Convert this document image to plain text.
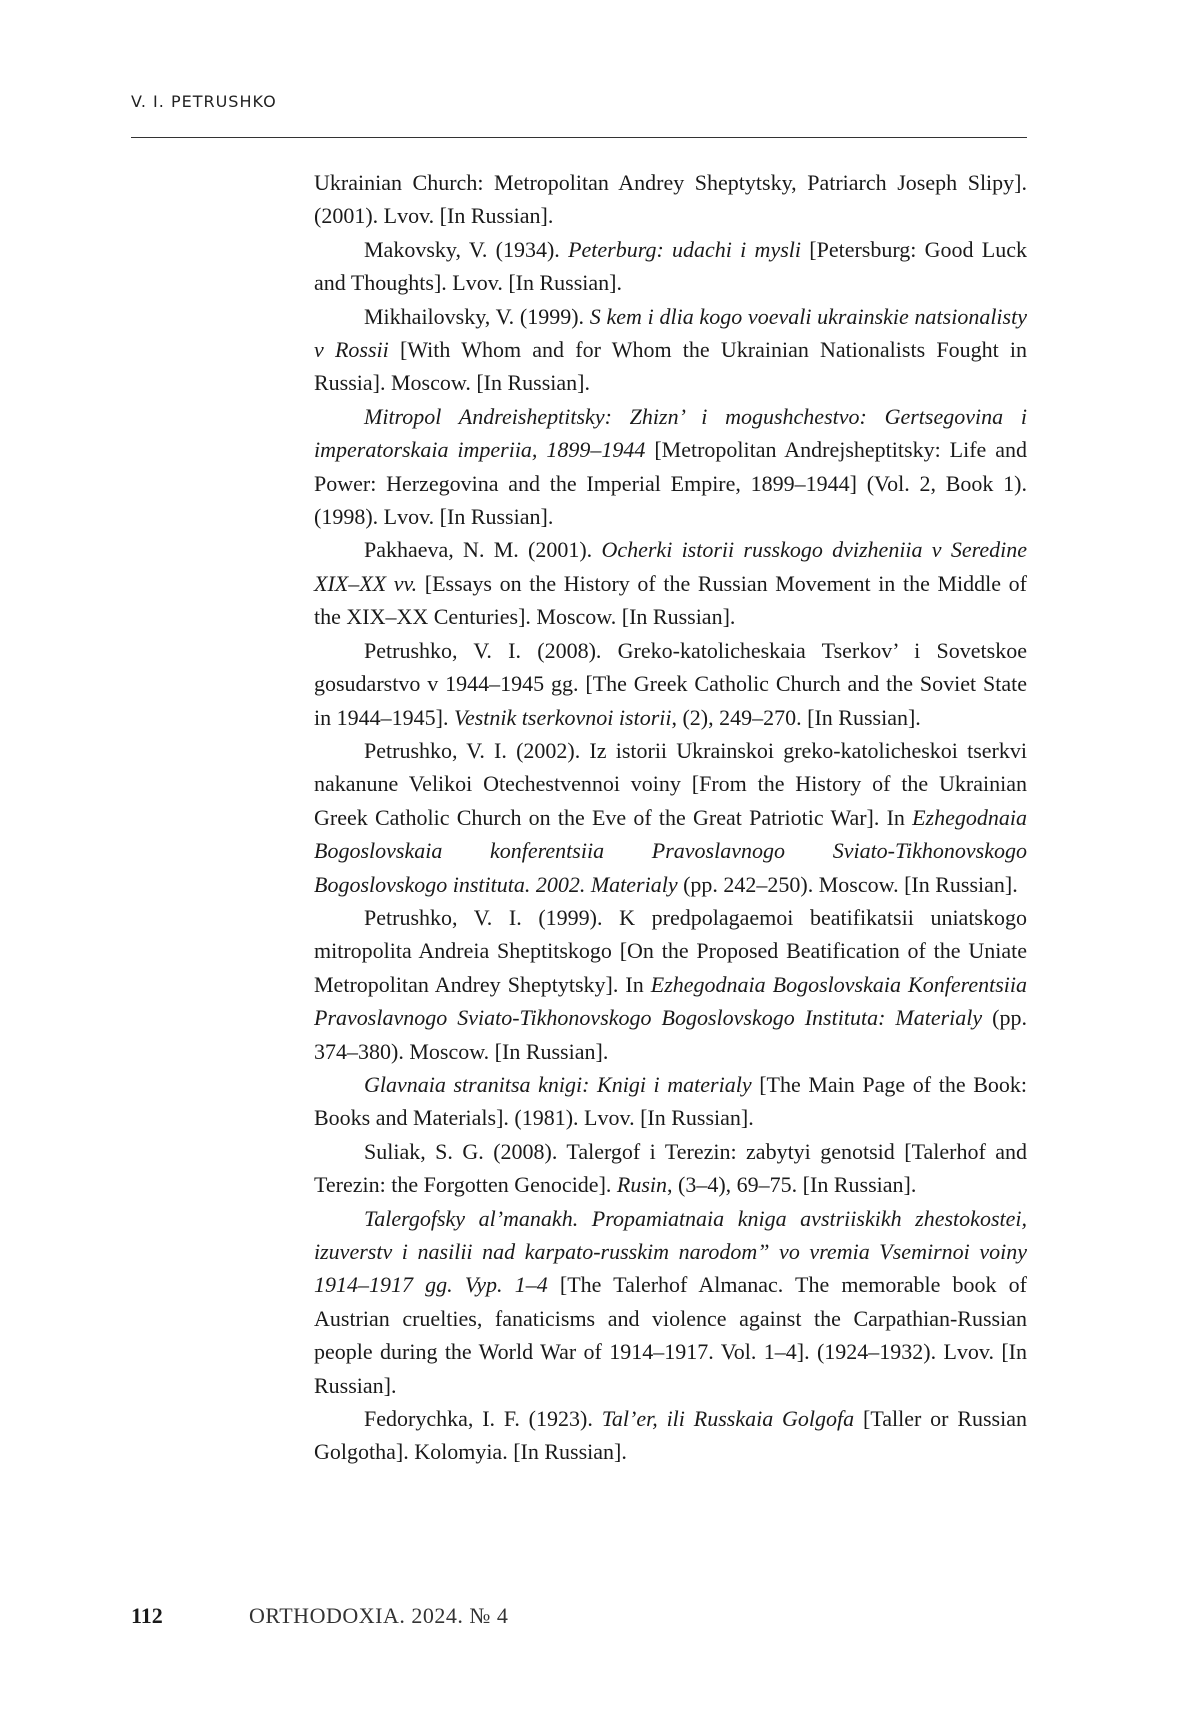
V. I. PETRUSHKO

Ukrainian Church: Metropolitan Andrey Sheptytsky, Patriarch Joseph Slipy]. (2001). Lvov. [In Russian].

Makovsky, V. (1934). Peterburg: udachi i mysli [Petersburg: Good Luck and Thoughts]. Lvov. [In Russian].

Mikhailovsky, V. (1999). S kem i dlia kogo voevali ukrainskie natsionalisty v Rossii [With Whom and for Whom the Ukrainian Nationalists Fought in Russia]. Moscow. [In Russian].

Mitropol Andreisheptitsky: Zhizn’ i mogushchestvo: Gertsegovina i imperatorskaia imperiia, 1899–1944 [Metropolitan Andrejsheptitsky: Life and Power: Herzegovina and the Imperial Empire, 1899–1944] (Vol. 2, Book 1). (1998). Lvov. [In Russian].

Pakhaeva, N. M. (2001). Ocherki istorii russkogo dvizheniia v Seredine XIX–XX vv. [Essays on the History of the Russian Movement in the Middle of the XIX–XX Centuries]. Moscow. [In Russian].

Petrushko, V. I. (2008). Greko-katolicheskaia Tserkov’ i Sovetskoe gosudarstvo v 1944–1945 gg. [The Greek Catholic Church and the Soviet State in 1944–1945]. Vestnik tserkovnoi istorii, (2), 249–270. [In Russian].

Petrushko, V. I. (2002). Iz istorii Ukrainskoi greko-katolicheskoi tserkvi nakanune Velikoi Otechestvennoi voiny [From the History of the Ukrainian Greek Catholic Church on the Eve of the Great Patriotic War]. In Ezhegodnaia Bogoslovskaia konferentsiia Pravoslavnogo Sviato-Tikhonovskogo Bogoslovskogo instituta. 2002. Materialy (pp. 242–250). Moscow. [In Russian].

Petrushko, V. I. (1999). K predpolagaemoi beatifikatsii uniatskogo mitropolita Andreia Sheptitskogo [On the Proposed Beatification of the Uniate Metropolitan Andrey Sheptytsky]. In Ezhegodnaia Bogoslovskaia Konferentsiia Pravoslavnogo Sviato-Tikhonovskogo Bogoslovskogo Instituta: Materialy (pp. 374–380). Moscow. [In Russian].

Glavnaia stranitsa knigi: Knigi i materialy [The Main Page of the Book: Books and Materials]. (1981). Lvov. [In Russian].

Suliak, S. G. (2008). Talergof i Terezin: zabytyi genotsid [Talerhof and Terezin: the Forgotten Genocide]. Rusin, (3–4), 69–75. [In Russian].

Talergofsky al’manakh. Propamiatnaia kniga avstriiskikh zhestokostei, izuverstv i nasilii nad karpato-russkim narodom” vo vremia Vsemirnoi voiny 1914–1917 gg. Vyp. 1–4 [The Talerhof Almanac. The memorable book of Austrian cruelties, fanaticisms and violence against the Carpathian-Russian people during the World War of 1914–1917. Vol. 1–4]. (1924–1932). Lvov. [In Russian].

Fedorychka, I. F. (1923). Tal’er, ili Russkaia Golgofa [Taller or Russian Golgotha]. Kolomyia. [In Russian].

112	ORTHODOXIA. 2024. № 4
